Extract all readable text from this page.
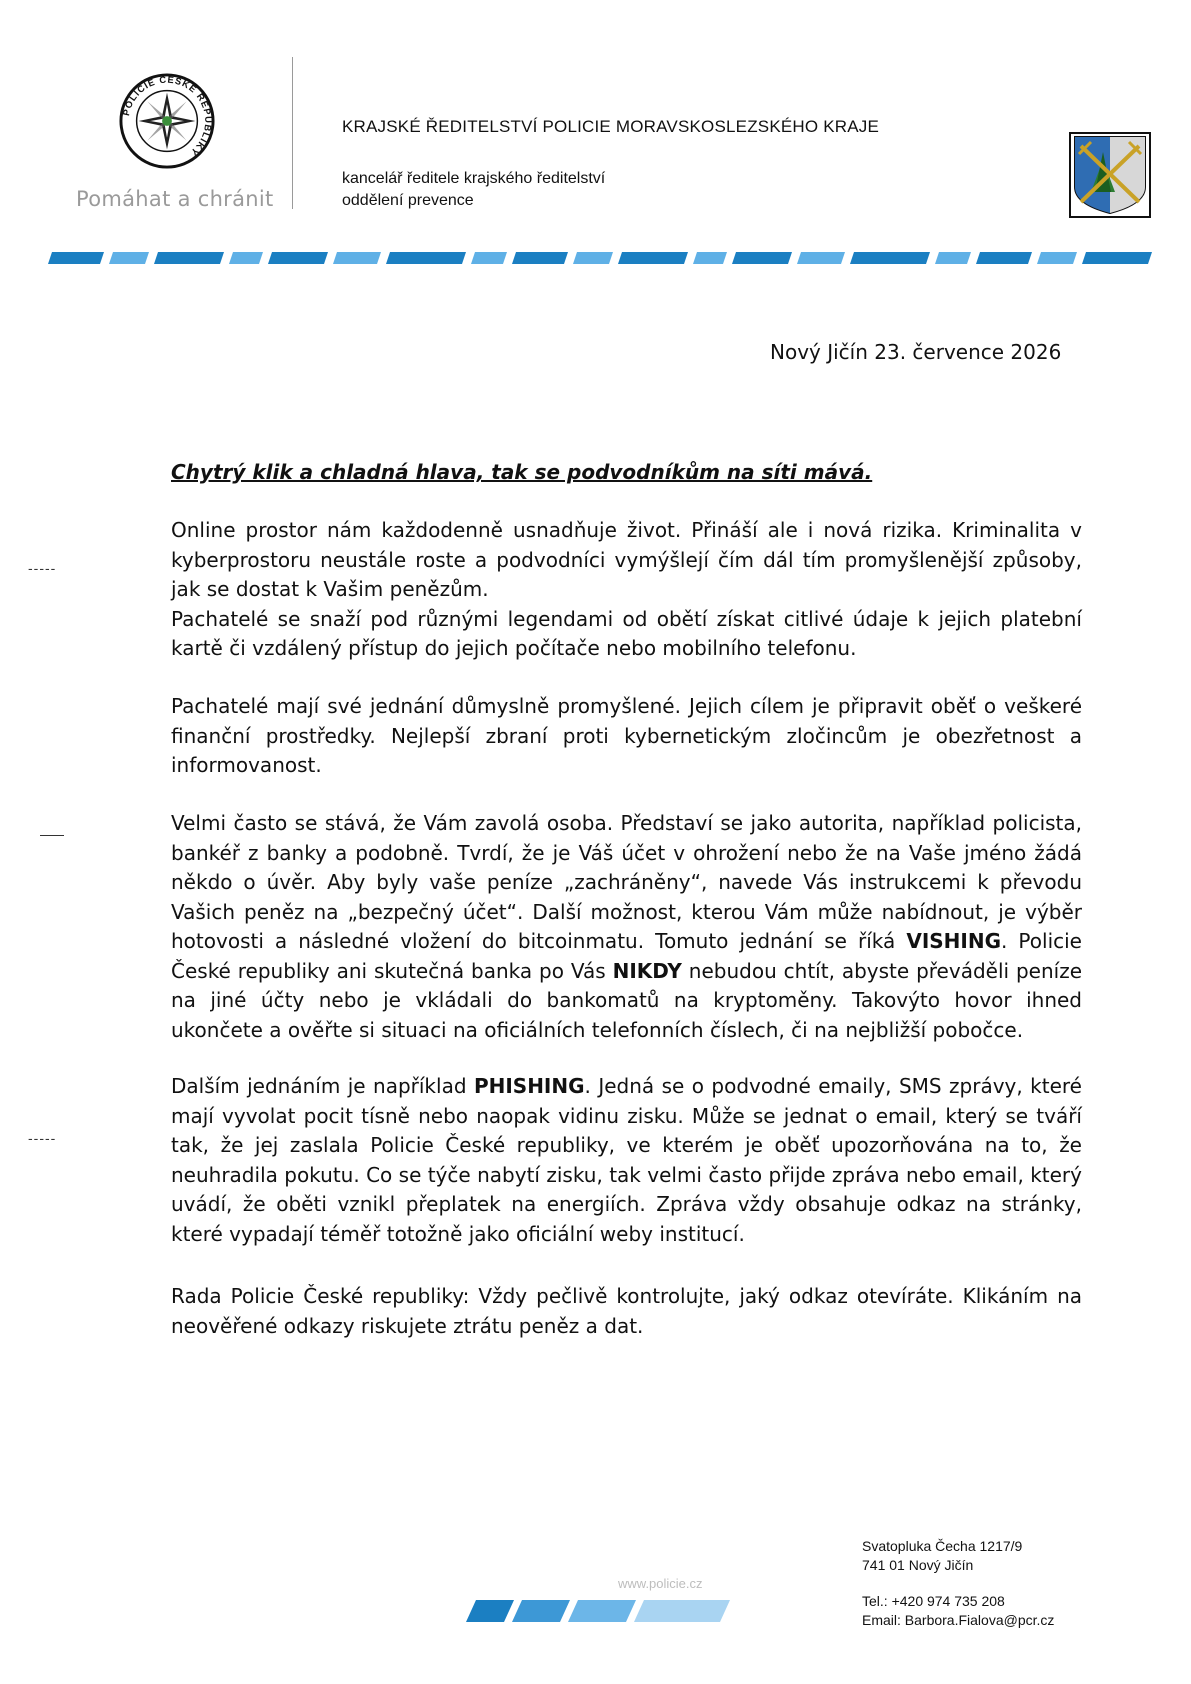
POLICIE ČESKÉ REPUBLIKY
Pomáhat a chránit
KRAJSKÉ ŘEDITELSTVÍ POLICIE MORAVSKOSLEZSKÉHO KRAJE
kancelář ředitele krajského ředitelství
oddělení prevence
Nový Jičín 23. července 2026
Chytrý klik a chladná hlava, tak se podvodníkům na síti mává.

Online prostor nám každodenně usnadňuje život. Přináší ale i nová rizika. Kriminalita v kyberprostoru neustále roste a podvodníci vymýšlejí čím dál tím promyšlenější způsoby, jak se dostat k Vašim penězům.

Pachatelé se snaží pod různými legendami od obětí získat citlivé údaje k jejich platební kartě či vzdálený přístup do jejich počítače nebo mobilního telefonu.

Pachatelé mají své jednání důmyslně promyšlené. Jejich cílem je připravit oběť o veškeré finanční prostředky. Nejlepší zbraní proti kybernetickým zločincům je obezřetnost a informovanost.

Velmi často se stává, že Vám zavolá osoba. Představí se jako autorita, například policista, bankéř z banky a podobně. Tvrdí, že je Váš účet v ohrožení nebo že na Vaše jméno žádá někdo o úvěr. Aby byly vaše peníze „zachráněny“, navede Vás instrukcemi k převodu Vašich peněz na „bezpečný účet“. Další možnost, kterou Vám může nabídnout, je výběr hotovosti a následné vložení do bitcoinmatu. Tomuto jednání se říká VISHING. Policie České republiky ani skutečná banka po Vás NIKDY nebudou chtít, abyste převáděli peníze na jiné účty nebo je vkládali do bankomatů na kryptoměny. Takovýto hovor ihned ukončete a ověřte si situaci na oficiálních telefonních číslech, či na nejbližší pobočce.

Dalším jednáním je například PHISHING. Jedná se o podvodné emaily, SMS zprávy, které mají vyvolat pocit tísně nebo naopak vidinu zisku. Může se jednat o email, který se tváří tak, že jej zaslala Policie České republiky, ve kterém je oběť upozorňována na to, že neuhradila pokutu. Co se týče nabytí zisku, tak velmi často přijde zpráva nebo email, který uvádí, že oběti vznikl přeplatek na energiích. Zpráva vždy obsahuje odkaz na stránky, které vypadají téměř totožně jako oficiální weby institucí.

Rada Policie České republiky: Vždy pečlivě kontrolujte, jaký odkaz otevíráte. Klikáním na neověřené odkazy riskujete ztrátu peněz a dat.

-----
-----
www.policie.cz
Svatopluka Čecha 1217/9
741 01 Nový Jičín
Tel.: +420 974 735 208
Email: Barbora.Fialova@pcr.cz
